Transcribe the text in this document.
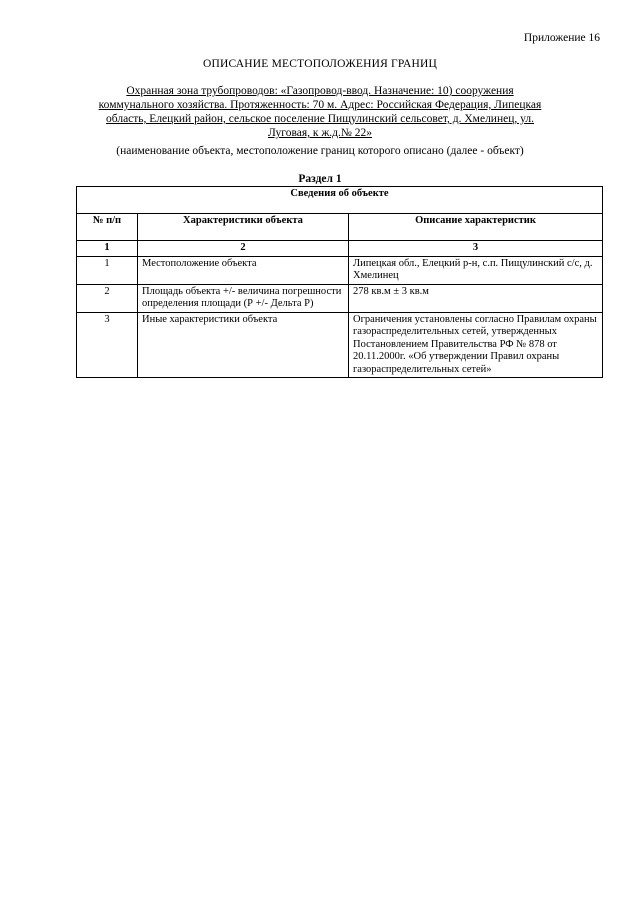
Приложение 16
ОПИСАНИЕ МЕСТОПОЛОЖЕНИЯ ГРАНИЦ
Охранная зона трубопроводов: «Газопровод-ввод. Назначение: 10) сооружения
коммунального хозяйства. Протяженность: 70 м. Адрес: Российская Федерация, Липецкая
область, Елецкий район, сельское поселение Пищулинский сельсовет, д. Хмелинец, ул.
Луговая, к ж.д.№ 22»
(наименование объекта, местоположение границ которого описано (далее - объект)
Раздел 1
Сведения об объекте		
№ п/п	Характеристики объекта	Описание характеристик
1	2	3
1	Местоположение объекта	Липецкая обл., Елецкий р-н, с.п. Пищулинский с/с, д. Хмелинец
2	Площадь объекта +/- величина погрешности определения площади (Р +/- Дельта Р)	278 кв.м ± 3 кв.м
3	Иные характеристики объекта	Ограничения установлены согласно Правилам охраны газораспределительных сетей, утвержденных Постановлением Правительства РФ № 878 от 20.11.2000г. «Об утверждении Правил охраны газораспределительных сетей»
